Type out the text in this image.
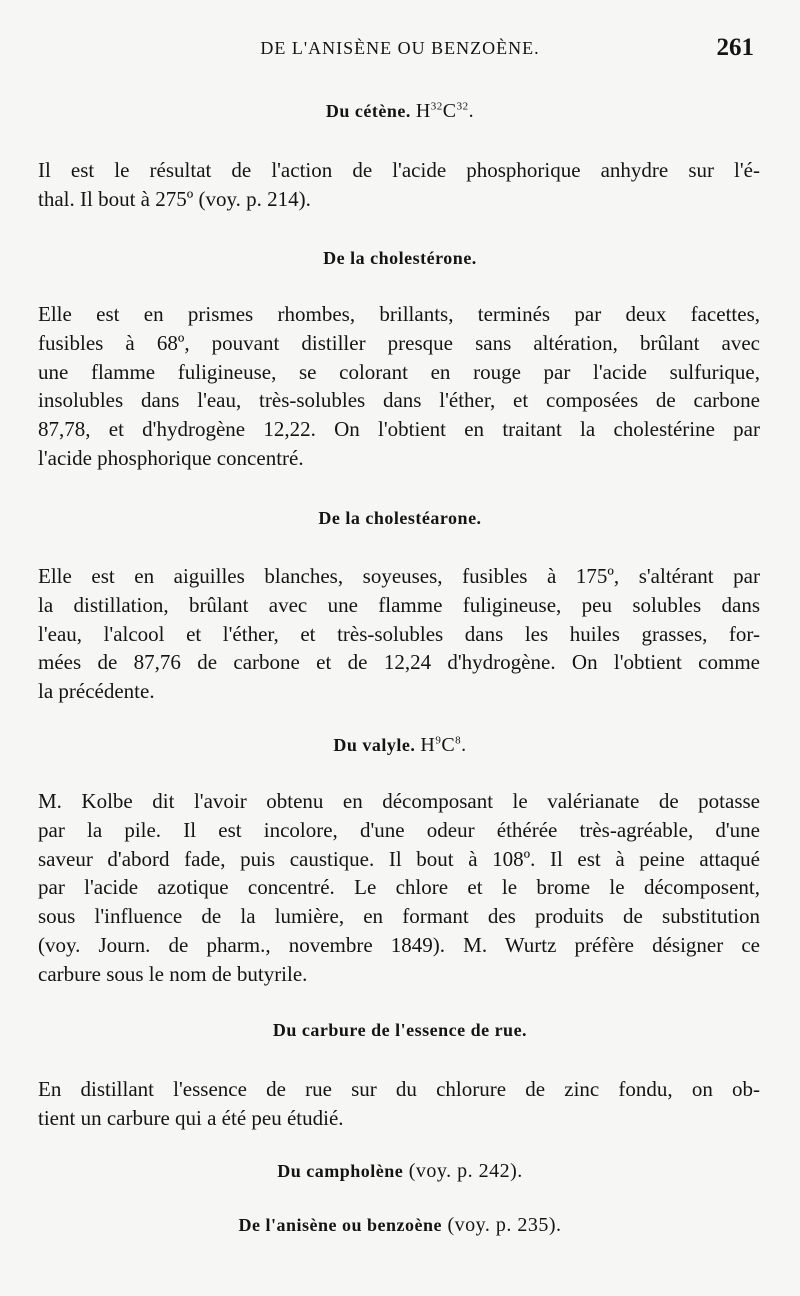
DE L'ANISÈNE OU BENZOÈNE.	261
Du cétène. $H^{32}C^{32}$.
Il est le résultat de l'action de l'acide phosphorique anhydre sur l'é-
thal. Il bout à 275º (voy. p. 214).
De la cholestérone.
Elle est en prismes rhombes, brillants, terminés par deux facettes,
fusibles à 68º, pouvant distiller presque sans altération, brûlant avec
une flamme fuligineuse, se colorant en rouge par l'acide sulfurique,
insolubles dans l'eau, très-solubles dans l'éther, et composées de carbone
87,78, et d'hydrogène 12,22. On l'obtient en traitant la cholestérine par
l'acide phosphorique concentré.
De la cholestéarone.
Elle est en aiguilles blanches, soyeuses, fusibles à 175º, s'altérant par
la distillation, brûlant avec une flamme fuligineuse, peu solubles dans
l'eau, l'alcool et l'éther, et très-solubles dans les huiles grasses, for-
mées de 87,76 de carbone et de 12,24 d'hydrogène. On l'obtient comme
la précédente.
Du valyle. $H^9C^8$.
M. Kolbe dit l'avoir obtenu en décomposant le valérianate de potasse
par la pile. Il est incolore, d'une odeur éthérée très-agréable, d'une
saveur d'abord fade, puis caustique. Il bout à 108º. Il est à peine attaqué
par l'acide azotique concentré. Le chlore et le brome le décomposent,
sous l'influence de la lumière, en formant des produits de substitution
(voy. Journ. de pharm., novembre 1849). M. Wurtz préfère désigner ce
carbure sous le nom de butyrile.
Du carbure de l'essence de rue.
En distillant l'essence de rue sur du chlorure de zinc fondu, on ob-
tient un carbure qui a été peu étudié.
Du campholène (voy. p. 242).
De l'anisène ou benzoène (voy. p. 235).
